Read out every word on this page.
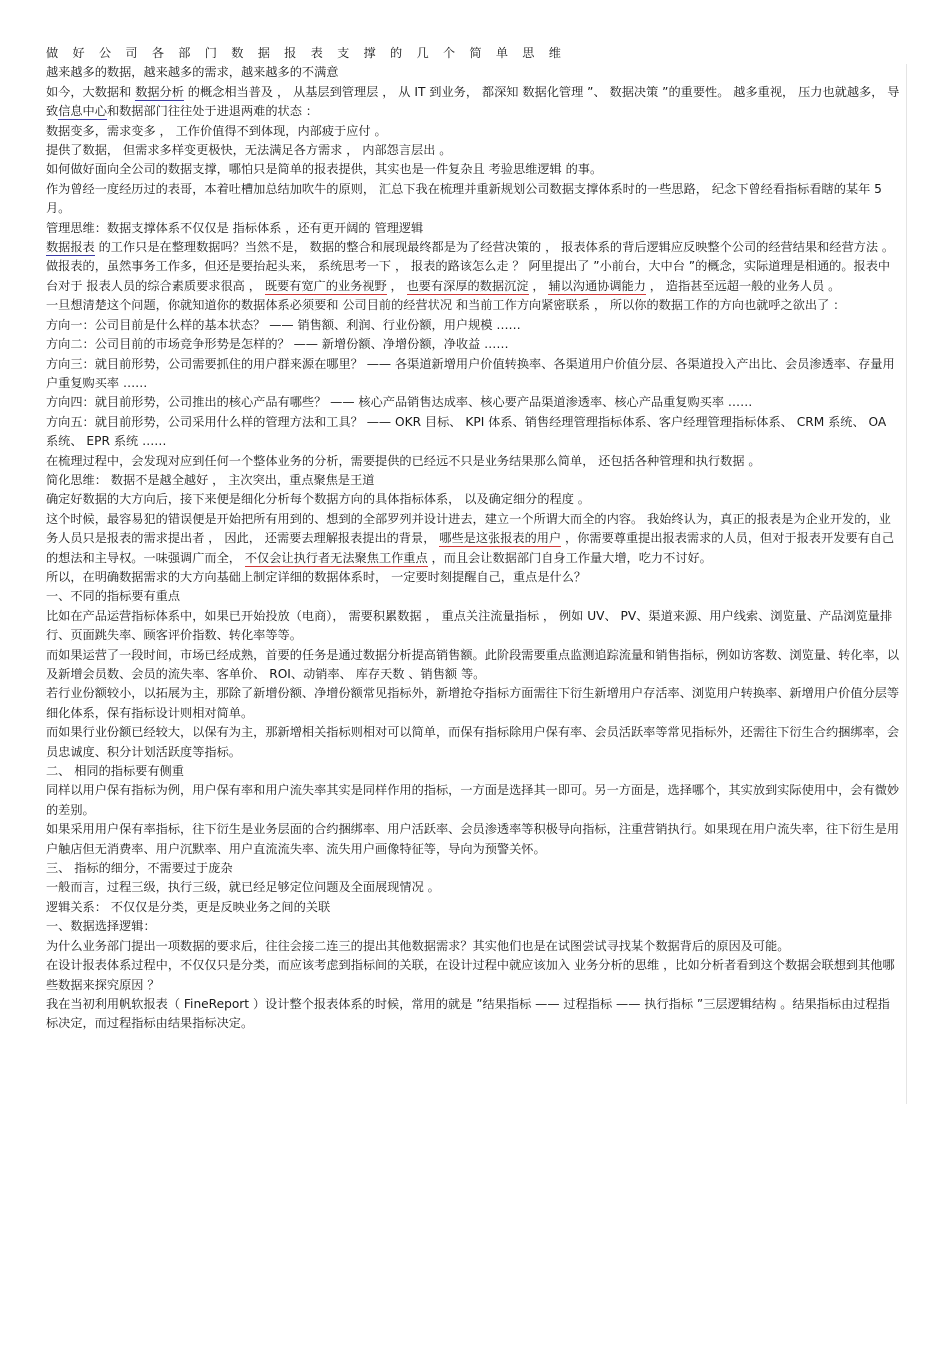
做 好 公 司 各 部 门 数 据 报 表 支 撑 的 几 个 简 单 思 维

越来越多的数据，越来越多的需求，越来越多的不满意

如今，大数据和 数据分析 的概念相当普及 ， 从基层到管理层 ， 从 IT 到业务， 都深知 数据化管理 ”、 数据决策 ”的重要性。 越多重视， 压力也就越多， 导致信息中心和数据部门往往处于进退两难的状态 ：

数据变多，需求变多 ， 工作价值得不到体现，内部疲于应付 。

提供了数据， 但需求多样变更极快，无法满足各方需求 ， 内部怨言层出 。

如何做好面向全公司的数据支撑，哪怕只是简单的报表提供，其实也是一件复杂且 考验思维逻辑 的事。

作为曾经一度经历过的表哥，本着吐槽加总结加吹牛的原则， 汇总下我在梳理并重新规划公司数据支撑体系时的一些思路， 纪念下曾经看指标看瞎的某年 5 月。

管理思维：数据支撑体系不仅仅是 指标体系 ，还有更开阔的 管理逻辑

数据报表 的工作只是在整理数据吗？当然不是， 数据的整合和展现最终都是为了经营决策的 ， 报表体系的背后逻辑应反映整个公司的经营结果和经营方法 。

做报表的，虽然事务工作多，但还是要抬起头来， 系统思考一下 ， 报表的路该怎么走 ？ 阿里提出了 ”小前台，大中台 ”的概念，实际道理是相通的。报表中台对于 报表人员的综合素质要求很高 ， 既要有宽广的业务视野 ， 也要有深厚的数据沉淀 ， 辅以沟通协调能力 ， 造指甚至远超一般的业务人员 。

一旦想清楚这个问题，你就知道你的数据体系必须要和 公司目前的经营状况 和当前工作方向紧密联系 ， 所以你的数据工作的方向也就呼之欲出了 ：

方向一：公司目前是什么样的基本状态？ —— 销售额、利润、行业份额，用户规模 ……

方向二：公司目前的市场竞争形势是怎样的？ —— 新增份额、净增份额，净收益 ……

方向三：就目前形势，公司需要抓住的用户群来源在哪里？ —— 各渠道新增用户价值转换率、各渠道用户价值分层、各渠道投入产出比、会员渗透率、存量用户重复购买率 ……

方向四：就目前形势，公司推出的核心产品有哪些？ —— 核心产品销售达成率、核心要产品渠道渗透率、核心产品重复购买率 ……

方向五：就目前形势，公司采用什么样的管理方法和工具？ —— OKR 目标、 KPI 体系、销售经理管理指标体系、客户经理管理指标体系、 CRM 系统、 OA 系统、 EPR 系统 ……

在梳理过程中，会发现对应到任何一个整体业务的分析，需要提供的已经远不只是业务结果那么简单， 还包括各种管理和执行数据 。

简化思维： 数据不是越全越好 ， 主次突出，重点聚焦是王道

确定好数据的大方向后，接下来便是细化分析每个数据方向的具体指标体系， 以及确定细分的程度 。

这个时候，最容易犯的错误便是开始把所有用到的、想到的全部罗列并设计进去，建立一个所谓大而全的内容。 我始终认为，真正的报表是为企业开发的，业务人员只是报表的需求提出者 ， 因此， 还需要去理解报表提出的背景， 哪些是这张报表的用户 ，你需要尊重提出报表需求的人员，但对于报表开发要有自己的想法和主导权。一味强调广而全， 不仅会让执行者无法聚焦工作重点 ，而且会让数据部门自身工作量大增，吃力不讨好。

所以，在明确数据需求的大方向基础上制定详细的数据体系时， 一定要时刻提醒自己，重点是什么？

一、不同的指标要有重点

比如在产品运营指标体系中，如果已开始投放（电商）， 需要积累数据 ， 重点关注流量指标 ， 例如 UV、 PV、渠道来源、用户线索、浏览量、产品浏览量排行、页面跳失率、顾客评价指数、转化率等等。

而如果运营了一段时间，市场已经成熟，首要的任务是通过数据分析提高销售额。此阶段需要重点监测追踪流量和销售指标，例如访客数、浏览量、转化率，以及新增会员数、会员的流失率、客单价、 ROI、动销率、 库存天数 、销售额 等。

若行业份额较小，以拓展为主，那除了新增份额、净增份额常见指标外，新增抢夺指标方面需往下衍生新增用户存活率、浏览用户转换率、新增用户价值分层等细化体系，保有指标设计则相对简单。

而如果行业份额已经较大，以保有为主，那新增相关指标则相对可以简单，而保有指标除用户保有率、会员活跃率等常见指标外，还需往下衍生合约捆绑率，会员忠诚度、积分计划活跃度等指标。

二、 相同的指标要有侧重

同样以用户保有指标为例，用户保有率和用户流失率其实是同样作用的指标，一方面是选择其一即可。另一方面是，选择哪个，其实放到实际使用中，会有微妙的差别。

如果采用用户保有率指标，往下衍生是业务层面的合约捆绑率、用户活跃率、会员渗透率等积极导向指标，注重营销执行。如果现在用户流失率，往下衍生是用户触店但无消费率、用户沉默率、用户直流流失率、流失用户画像特征等，导向为预警关怀。

三、 指标的细分，不需要过于庞杂

一般而言，过程三级，执行三级，就已经足够定位问题及全面展现情况 。

逻辑关系： 不仅仅是分类，更是反映业务之间的关联

一、数据选择逻辑：

为什么业务部门提出一项数据的要求后，往往会接二连三的提出其他数据需求？其实他们也是在试图尝试寻找某个数据背后的原因及可能。

在设计报表体系过程中，不仅仅只是分类，而应该考虑到指标间的关联，在设计过程中就应该加入 业务分析的思维 ，比如分析者看到这个数据会联想到其他哪些数据来探究原因 ？

我在当初利用帆软报表（ FineReport ）设计整个报表体系的时候，常用的就是 ”结果指标 —— 过程指标 —— 执行指标 ”三层逻辑结构 。结果指标由过程指标决定，而过程指标由结果指标决定。
